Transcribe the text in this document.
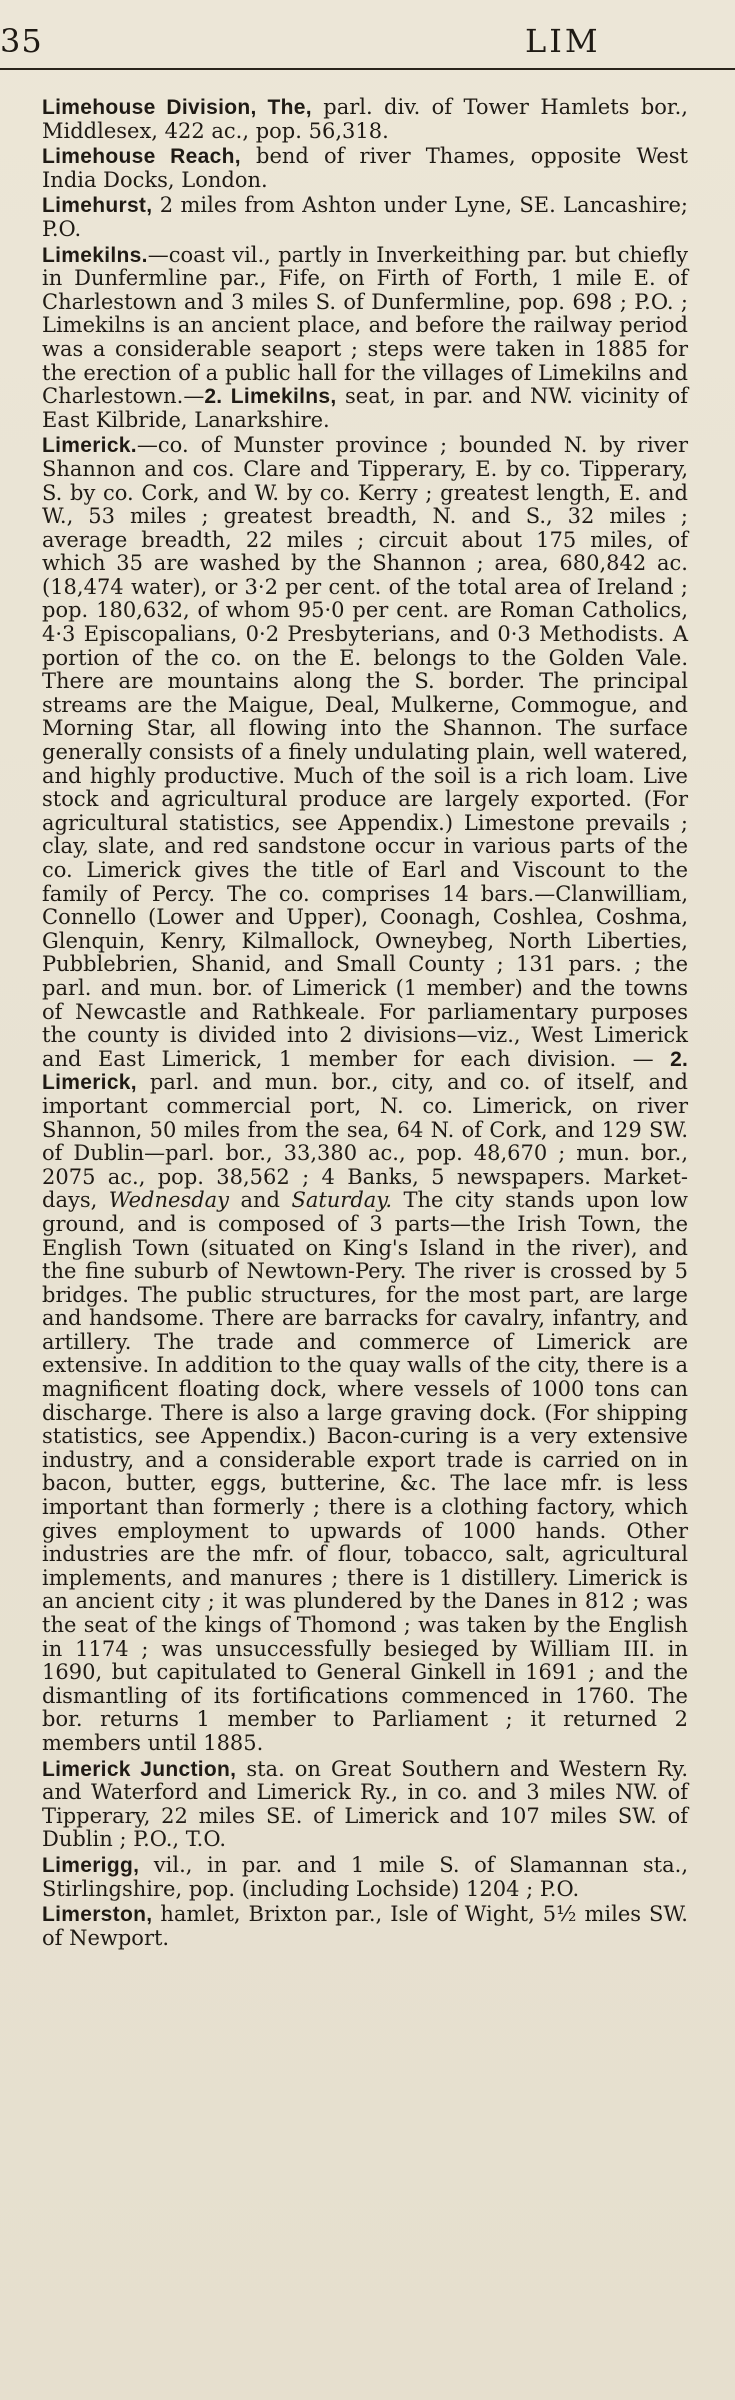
35	LIM

Limehouse Division, The, parl. div. of Tower Hamlets bor., Middlesex, 422 ac., pop. 56,318.

Limehouse Reach, bend of river Thames, opposite West India Docks, London.

Limehurst, 2 miles from Ashton under Lyne, SE. Lancashire; P.O.

Limekilns.—coast vil., partly in Inverkeithing par. but chiefly in Dunfermline par., Fife, on Firth of Forth, 1 mile E. of Charlestown and 3 miles S. of Dunfermline, pop. 698 ; P.O. ; Limekilns is an ancient place, and before the railway period was a considerable seaport ; steps were taken in 1885 for the erection of a public hall for the villages of Limekilns and Charlestown.—2. Limekilns, seat, in par. and NW. vicinity of East Kilbride, Lanarkshire.

Limerick.—co. of Munster province ; bounded N. by river Shannon and cos. Clare and Tipperary, E. by co. Tipperary, S. by co. Cork, and W. by co. Kerry ; greatest length, E. and W., 53 miles ; greatest breadth, N. and S., 32 miles ; average breadth, 22 miles ; circuit about 175 miles, of which 35 are washed by the Shannon ; area, 680,842 ac. (18,474 water), or 3·2 per cent. of the total area of Ireland ; pop. 180,632, of whom 95·0 per cent. are Roman Catholics, 4·3 Episcopalians, 0·2 Presbyterians, and 0·3 Methodists. A portion of the co. on the E. belongs to the Golden Vale. There are mountains along the S. border. The principal streams are the Maigue, Deal, Mulkerne, Commogue, and Morning Star, all flowing into the Shannon. The surface generally consists of a finely undulating plain, well watered, and highly productive. Much of the soil is a rich loam. Live stock and agricultural produce are largely exported. (For agricultural statistics, see Appendix.) Limestone prevails ; clay, slate, and red sandstone occur in various parts of the co. Limerick gives the title of Earl and Viscount to the family of Percy. The co. comprises 14 bars.—Clanwilliam, Connello (Lower and Upper), Coonagh, Coshlea, Coshma, Glenquin, Kenry, Kilmallock, Owneybeg, North Liberties, Pubblebrien, Shanid, and Small County ; 131 pars. ; the parl. and mun. bor. of Limerick (1 member) and the towns of Newcastle and Rathkeale. For parliamentary purposes the county is divided into 2 divisions—viz., West Limerick and East Limerick, 1 member for each division. — 2. Limerick, parl. and mun. bor., city, and co. of itself, and important commercial port, N. co. Limerick, on river Shannon, 50 miles from the sea, 64 N. of Cork, and 129 SW. of Dublin—parl. bor., 33,380 ac., pop. 48,670 ; mun. bor., 2075 ac., pop. 38,562 ; 4 Banks, 5 newspapers. Market-days, Wednesday and Saturday. The city stands upon low ground, and is composed of 3 parts—the Irish Town, the English Town (situated on King's Island in the river), and the fine suburb of Newtown-Pery. The river is crossed by 5 bridges. The public structures, for the most part, are large and handsome. There are barracks for cavalry, infantry, and artillery. The trade and commerce of Limerick are extensive. In addition to the quay walls of the city, there is a magnificent floating dock, where vessels of 1000 tons can discharge. There is also a large graving dock. (For shipping statistics, see Appendix.) Bacon-curing is a very extensive industry, and a considerable export trade is carried on in bacon, butter, eggs, butterine, &c. The lace mfr. is less important than formerly ; there is a clothing factory, which gives employment to upwards of 1000 hands. Other industries are the mfr. of flour, tobacco, salt, agricultural implements, and manures ; there is 1 distillery. Limerick is an ancient city ; it was plundered by the Danes in 812 ; was the seat of the kings of Thomond ; was taken by the English in 1174 ; was unsuccessfully besieged by William III. in 1690, but capitulated to General Ginkell in 1691 ; and the dismantling of its fortifications commenced in 1760. The bor. returns 1 member to Parliament ; it returned 2 members until 1885.

Limerick Junction, sta. on Great Southern and Western Ry. and Waterford and Limerick Ry., in co. and 3 miles NW. of Tipperary, 22 miles SE. of Limerick and 107 miles SW. of Dublin ; P.O., T.O.

Limerigg, vil., in par. and 1 mile S. of Slamannan sta., Stirlingshire, pop. (including Lochside) 1204 ; P.O.

Limerston, hamlet, Brixton par., Isle of Wight, 5½ miles SW. of Newport.
